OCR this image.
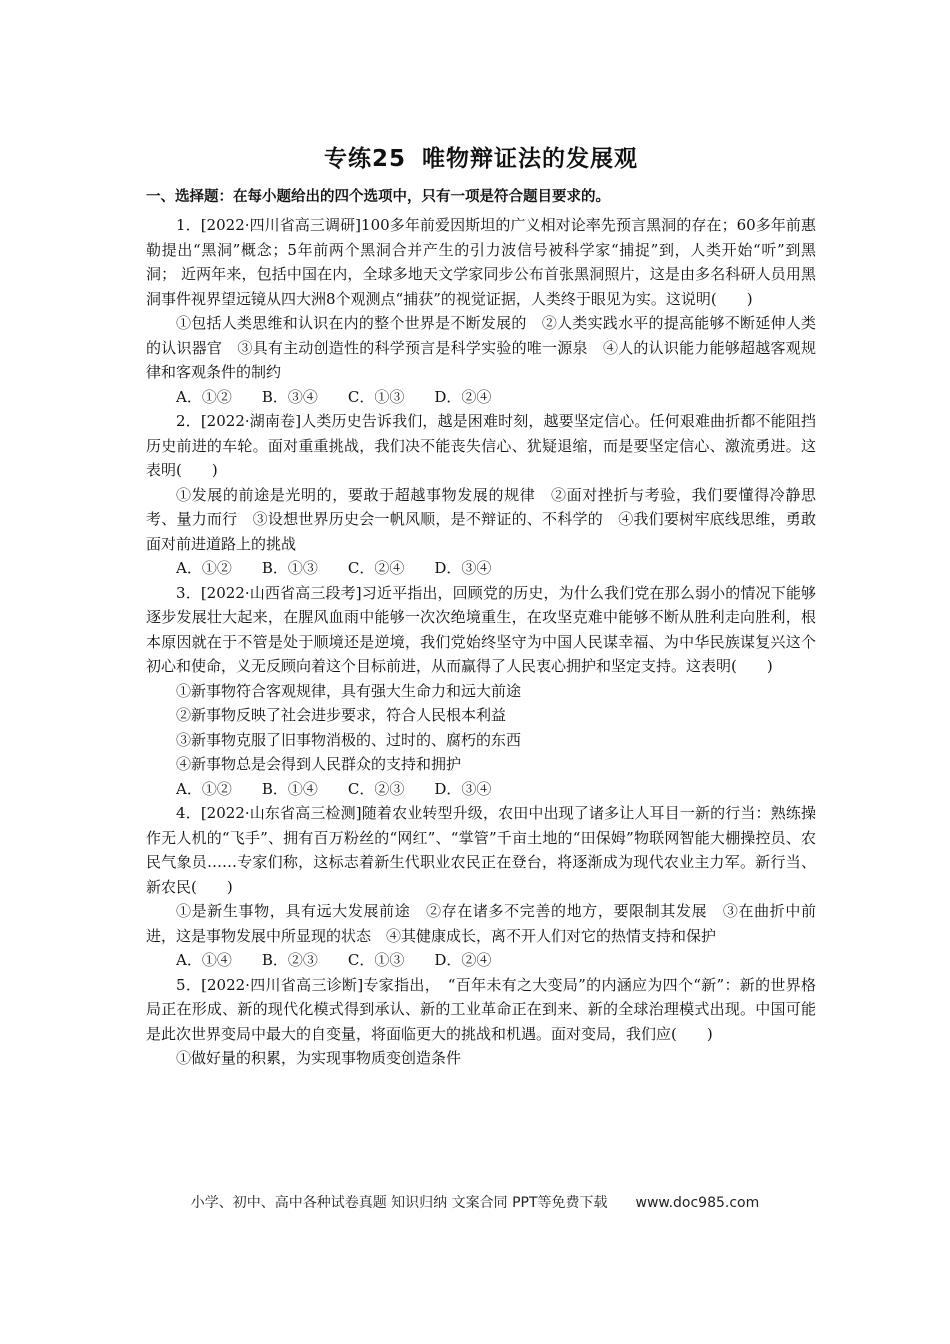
专练25 唯物辩证法的发展观

一、选择题：在每小题给出的四个选项中，只有一项是符合题目要求的。

1．[2022·四川省高三调研]100多年前爱因斯坦的广义相对论率先预言黑洞的存在；60多年前惠勒提出“黑洞”概念；5年前两个黑洞合并产生的引力波信号被科学家“捕捉”到，人类开始“听”到黑洞； 近两年来，包括中国在内，全球多地天文学家同步公布首张黑洞照片，这是由多名科研人员用黑洞事件视界望远镜从四大洲8个观测点“捕获”的视觉证据，人类终于眼见为实。这说明(　　)

①包括人类思维和认识在内的整个世界是不断发展的　②人类实践水平的提高能够不断延伸人类的认识器官　③具有主动创造性的科学预言是科学实验的唯一源泉　④人的认识能力能够超越客观规律和客观条件的制约

A．①② B．③④ C．①③ D．②④

2．[2022·湖南卷]人类历史告诉我们，越是困难时刻，越要坚定信心。任何艰难曲折都不能阻挡历史前进的车轮。面对重重挑战，我们决不能丧失信心、犹疑退缩，而是要坚定信心、激流勇进。这表明(　　)

①发展的前途是光明的，要敢于超越事物发展的规律　②面对挫折与考验，我们要懂得冷静思考、量力而行　③设想世界历史会一帆风顺，是不辩证的、不科学的　④我们要树牢底线思维，勇敢面对前进道路上的挑战

A．①② B．①③ C．②④ D．③④

3．[2022·山西省高三段考]习近平指出，回顾党的历史，为什么我们党在那么弱小的情况下能够逐步发展壮大起来，在腥风血雨中能够一次次绝境重生，在攻坚克难中能够不断从胜利走向胜利，根本原因就在于不管是处于顺境还是逆境，我们党始终坚守为中国人民谋幸福、为中华民族谋复兴这个初心和使命，义无反顾向着这个目标前进，从而赢得了人民衷心拥护和坚定支持。这表明(　　)

①新事物符合客观规律，具有强大生命力和远大前途

②新事物反映了社会进步要求，符合人民根本利益

③新事物克服了旧事物消极的、过时的、腐朽的东西

④新事物总是会得到人民群众的支持和拥护

A．①② B．①④ C．②③ D．③④

4．[2022·山东省高三检测]随着农业转型升级，农田中出现了诸多让人耳目一新的行当：熟练操作无人机的“飞手”、拥有百万粉丝的“网红”、“掌管”千亩土地的“田保姆”物联网智能大棚操控员、农民气象员……专家们称，这标志着新生代职业农民正在登台，将逐渐成为现代农业主力军。新行当、新农民(　　)

①是新生事物，具有远大发展前途　②存在诸多不完善的地方，要限制其发展　③在曲折中前进，这是事物发展中所显现的状态　④其健康成长，离不开人们对它的热情支持和保护

A．①④ B．②③ C．①③ D．②④

5．[2022·四川省高三诊断]专家指出，　“百年未有之大变局”的内涵应为四个“新”：新的世界格局正在形成、新的现代化模式得到承认、新的工业革命正在到来、新的全球治理模式出现。中国可能是此次世界变局中最大的自变量，将面临更大的挑战和机遇。面对变局，我们应(　　)

①做好量的积累，为实现事物质变创造条件

小学、初中、高中各种试卷真题 知识归纳 文案合同 PPT等免费下载 www.doc985.com
